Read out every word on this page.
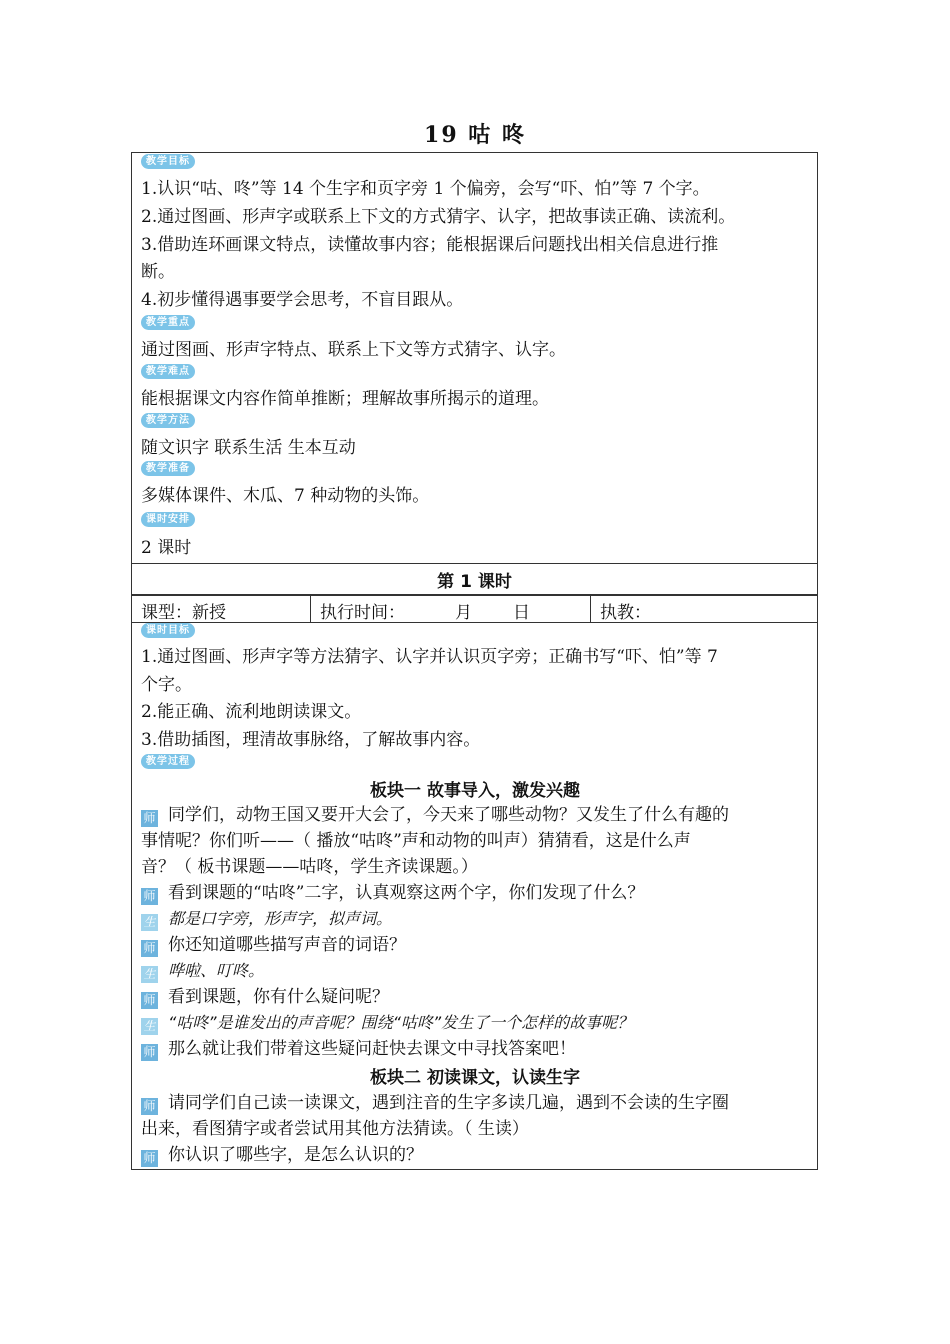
19 咕 咚
教学目标
1.认识“咕、咚”等 14 个生字和页字旁 1 个偏旁，会写“吓、怕”等 7 个字。
2.通过图画、形声字或联系上下文的方式猜字、认字，把故事读正确、读流利。
3.借助连环画课文特点，读懂故事内容；能根据课后问题找出相关信息进行推
断。
4.初步懂得遇事要学会思考，不盲目跟从。
教学重点
通过图画、形声字特点、联系上下文等方式猜字、认字。
教学难点
能根据课文内容作简单推断；理解故事所揭示的道理。
教学方法
随文识字 联系生活 生本互动
教学准备
多媒体课件、木瓜、7 种动物的头饰。
课时安排
2 课时
第 1 课时
课型：新授	执行时间：	月 日	执教：
课时目标
1.通过图画、形声字等方法猜字、认字并认识页字旁；正确书写“吓、怕”等 7
个字。
2.能正确、流利地朗读课文。
3.借助插图，理清故事脉络，了解故事内容。
教学过程
板块一 故事导入，激发兴趣
师 同学们，动物王国又要开大会了，今天来了哪些动物？又发生了什么有趣的
事情呢？你们听——（ 播放“咕咚”声和动物的叫声）猜猜看，这是什么声
音？（ 板书课题——咕咚，学生齐读课题。）
师 看到课题的“咕咚”二字，认真观察这两个字，你们发现了什么？
生 都是口字旁，形声字，拟声词。
师 你还知道哪些描写声音的词语？
生 哗啦、叮咚。
师 看到课题，你有什么疑问呢？
生 “咕咚”是谁发出的声音呢？围绕“咕咚”发生了一个怎样的故事呢？
师 那么就让我们带着这些疑问赶快去课文中寻找答案吧！
板块二 初读课文，认读生字
师 请同学们自己读一读课文，遇到注音的生字多读几遍，遇到不会读的生字圈
出来，看图猜字或者尝试用其他方法猜读。（ 生读）
师 你认识了哪些字，是怎么认识的？
